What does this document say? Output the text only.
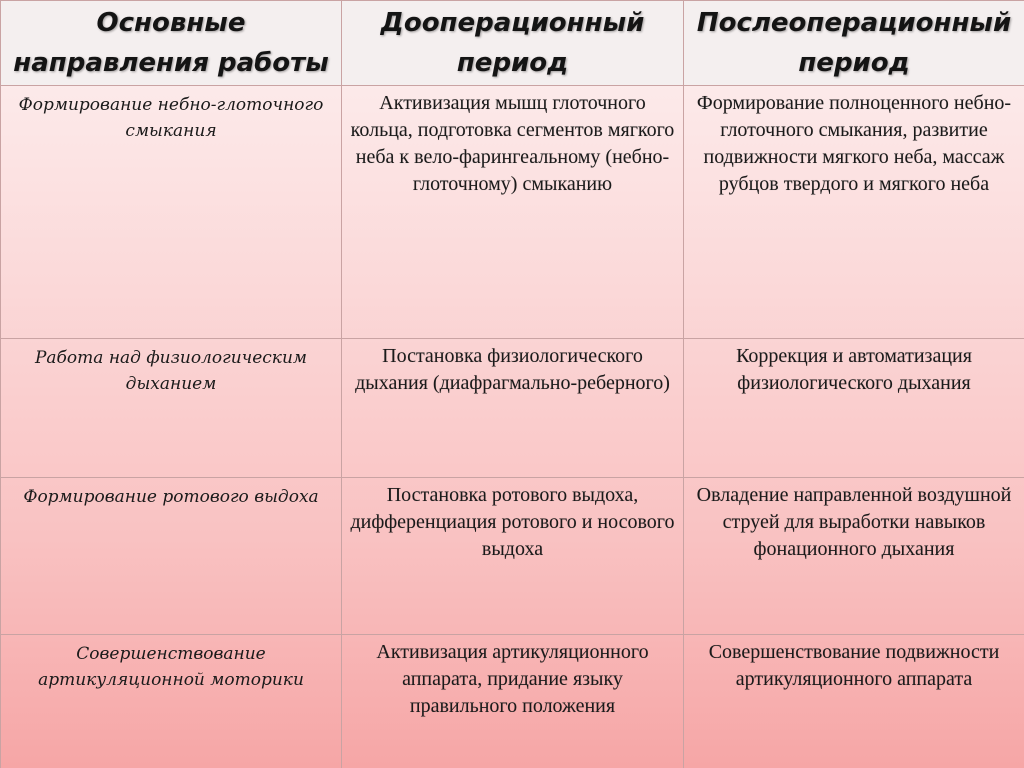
Основные направления работы	Дооперационный период	Послеоперационный период
Формирование небно-глоточного смыкания	Активизация мышц глоточного кольца, подготовка сегментов мягкого неба к вело-фарингеальному (небно-глоточному) смыканию	Формирование полноценного небно-глоточного смыкания, развитие подвижности мягкого неба, массаж рубцов твердого и мягкого неба
Работа над физиологическим дыханием	Постановка физиологического дыхания (диафрагмально-реберного)	Коррекция и автоматизация физиологического дыхания
Формирование ротового выдоха	Постановка ротового выдоха, дифференциация ротового и носового выдоха	Овладение направленной воздушной струей для выработки навыков фонационного дыхания
Совершенствование артикуляционной моторики	Активизация артикуляционного аппарата, придание языку правильного положения	Совершенствование подвижности артикуляционного аппарата
